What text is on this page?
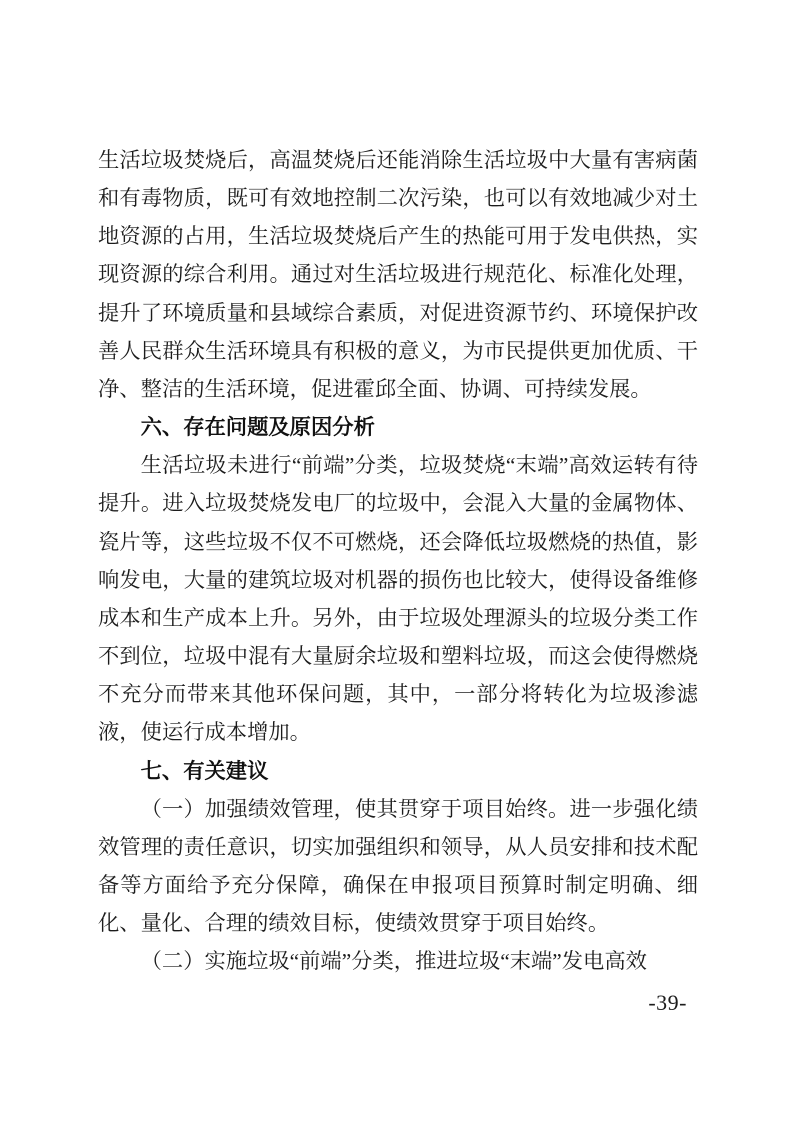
生活垃圾焚烧后，高温焚烧后还能消除生活垃圾中大量有害病菌和有毒物质，既可有效地控制二次污染，也可以有效地减少对土地资源的占用，生活垃圾焚烧后产生的热能可用于发电供热，实现资源的综合利用。通过对生活垃圾进行规范化、标准化处理，提升了环境质量和县域综合素质，对促进资源节约、环境保护改善人民群众生活环境具有积极的意义，为市民提供更加优质、干净、整洁的生活环境，促进霍邱全面、协调、可持续发展。

六、存在问题及原因分析

生活垃圾未进行“前端”分类，垃圾焚烧“末端”高效运转有待提升。进入垃圾焚烧发电厂的垃圾中，会混入大量的金属物体、瓷片等，这些垃圾不仅不可燃烧，还会降低垃圾燃烧的热值，影响发电，大量的建筑垃圾对机器的损伤也比较大，使得设备维修成本和生产成本上升。另外，由于垃圾处理源头的垃圾分类工作不到位，垃圾中混有大量厨余垃圾和塑料垃圾，而这会使得燃烧不充分而带来其他环保问题，其中，一部分将转化为垃圾渗滤液，使运行成本增加。

七、有关建议

（一）加强绩效管理，使其贯穿于项目始终。进一步强化绩效管理的责任意识，切实加强组织和领导，从人员安排和技术配备等方面给予充分保障，确保在申报项目预算时制定明确、细化、量化、合理的绩效目标，使绩效贯穿于项目始终。

（二）实施垃圾“前端”分类，推进垃圾“末端”发电高效

-39-
